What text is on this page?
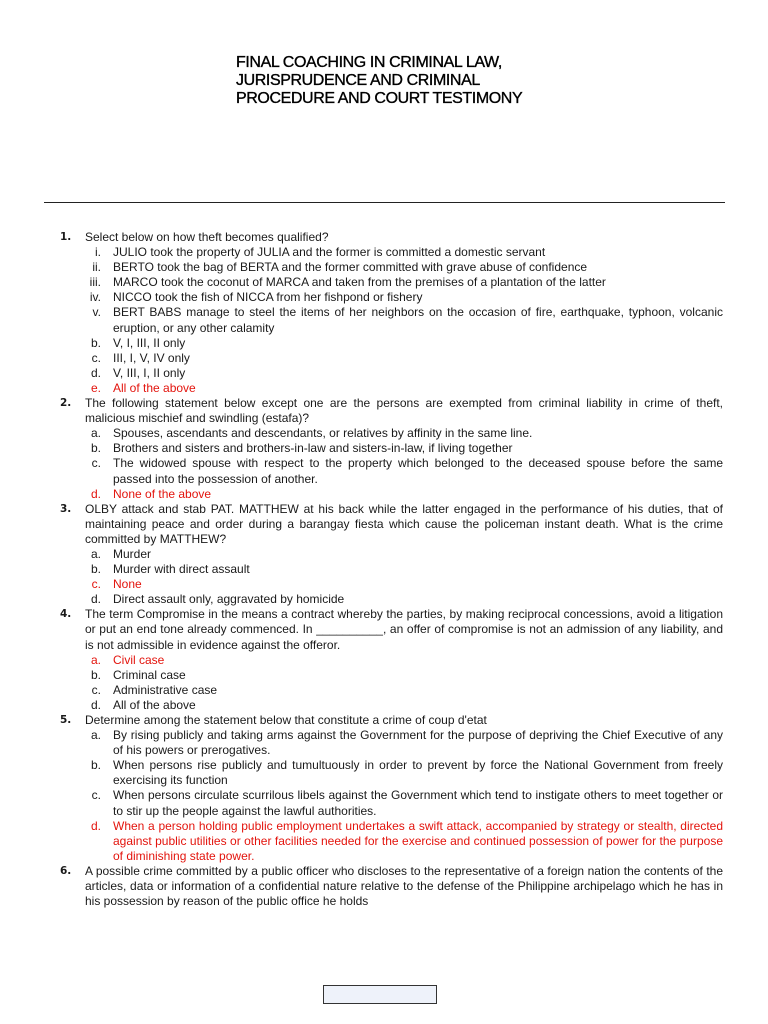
FINAL COACHING IN CRIMINAL LAW,
JURISPRUDENCE AND CRIMINAL
PROCEDURE AND COURT TESTIMONY
1.	Select below on how theft becomes qualified?
i.	JULIO took the property of JULIA and the former is committed a domestic servant
ii.	BERTO took the bag of BERTA and the former committed with grave abuse of confidence
iii.	MARCO took the coconut of MARCA and taken from the premises of a plantation of the latter
iv.	NICCO took the fish of NICCA from her fishpond or fishery
v.	BERT BABS manage to steel the items of her neighbors on the occasion of fire, earthquake, typhoon, volcanic eruption, or any other calamity
b.	V, I, III, II only
c.	III, I, V, IV only
d.	V, III, I, II only
e.	All of the above
2.	The following statement below except one are the persons are exempted from criminal liability in crime of theft, malicious mischief and swindling (estafa)?
a.	Spouses, ascendants and descendants, or relatives by affinity in the same line.
b.	Brothers and sisters and brothers-in-law and sisters-in-law, if living together
c.	The widowed spouse with respect to the property which belonged to the deceased spouse before the same passed into the possession of another.
d.	None of the above
3.	OLBY attack and stab PAT. MATTHEW at his back while the latter engaged in the performance of his duties, that of maintaining peace and order during a barangay fiesta which cause the policeman instant death. What is the crime committed by MATTHEW?
a.	Murder
b.	Murder with direct assault
c.	None
d.	Direct assault only, aggravated by homicide
4.	The term Compromise in the means a contract whereby the parties, by making reciprocal concessions, avoid a litigation or put an end tone already commenced. In __________, an offer of compromise is not an admission of any liability, and is not admissible in evidence against the offeror.
a.	Civil case
b.	Criminal case
c.	Administrative case
d.	All of the above
5.	Determine among the statement below that constitute a crime of coup d'etat
a.	By rising publicly and taking arms against the Government for the purpose of depriving the Chief Executive of any of his powers or prerogatives.
b.	When persons rise publicly and tumultuously in order to prevent by force the National Government from freely exercising its function
c.	When persons circulate scurrilous libels against the Government which tend to instigate others to meet together or to stir up the people against the lawful authorities.
d.	When a person holding public employment undertakes a swift attack, accompanied by strategy or stealth, directed against public utilities or other facilities needed for the exercise and continued possession of power for the purpose of diminishing state power.
6.	A possible crime committed by a public officer who discloses to the representative of a foreign nation the contents of the articles, data or information of a confidential nature relative to the defense of the Philippine archipelago which he has in his possession by reason of the public office he holds
